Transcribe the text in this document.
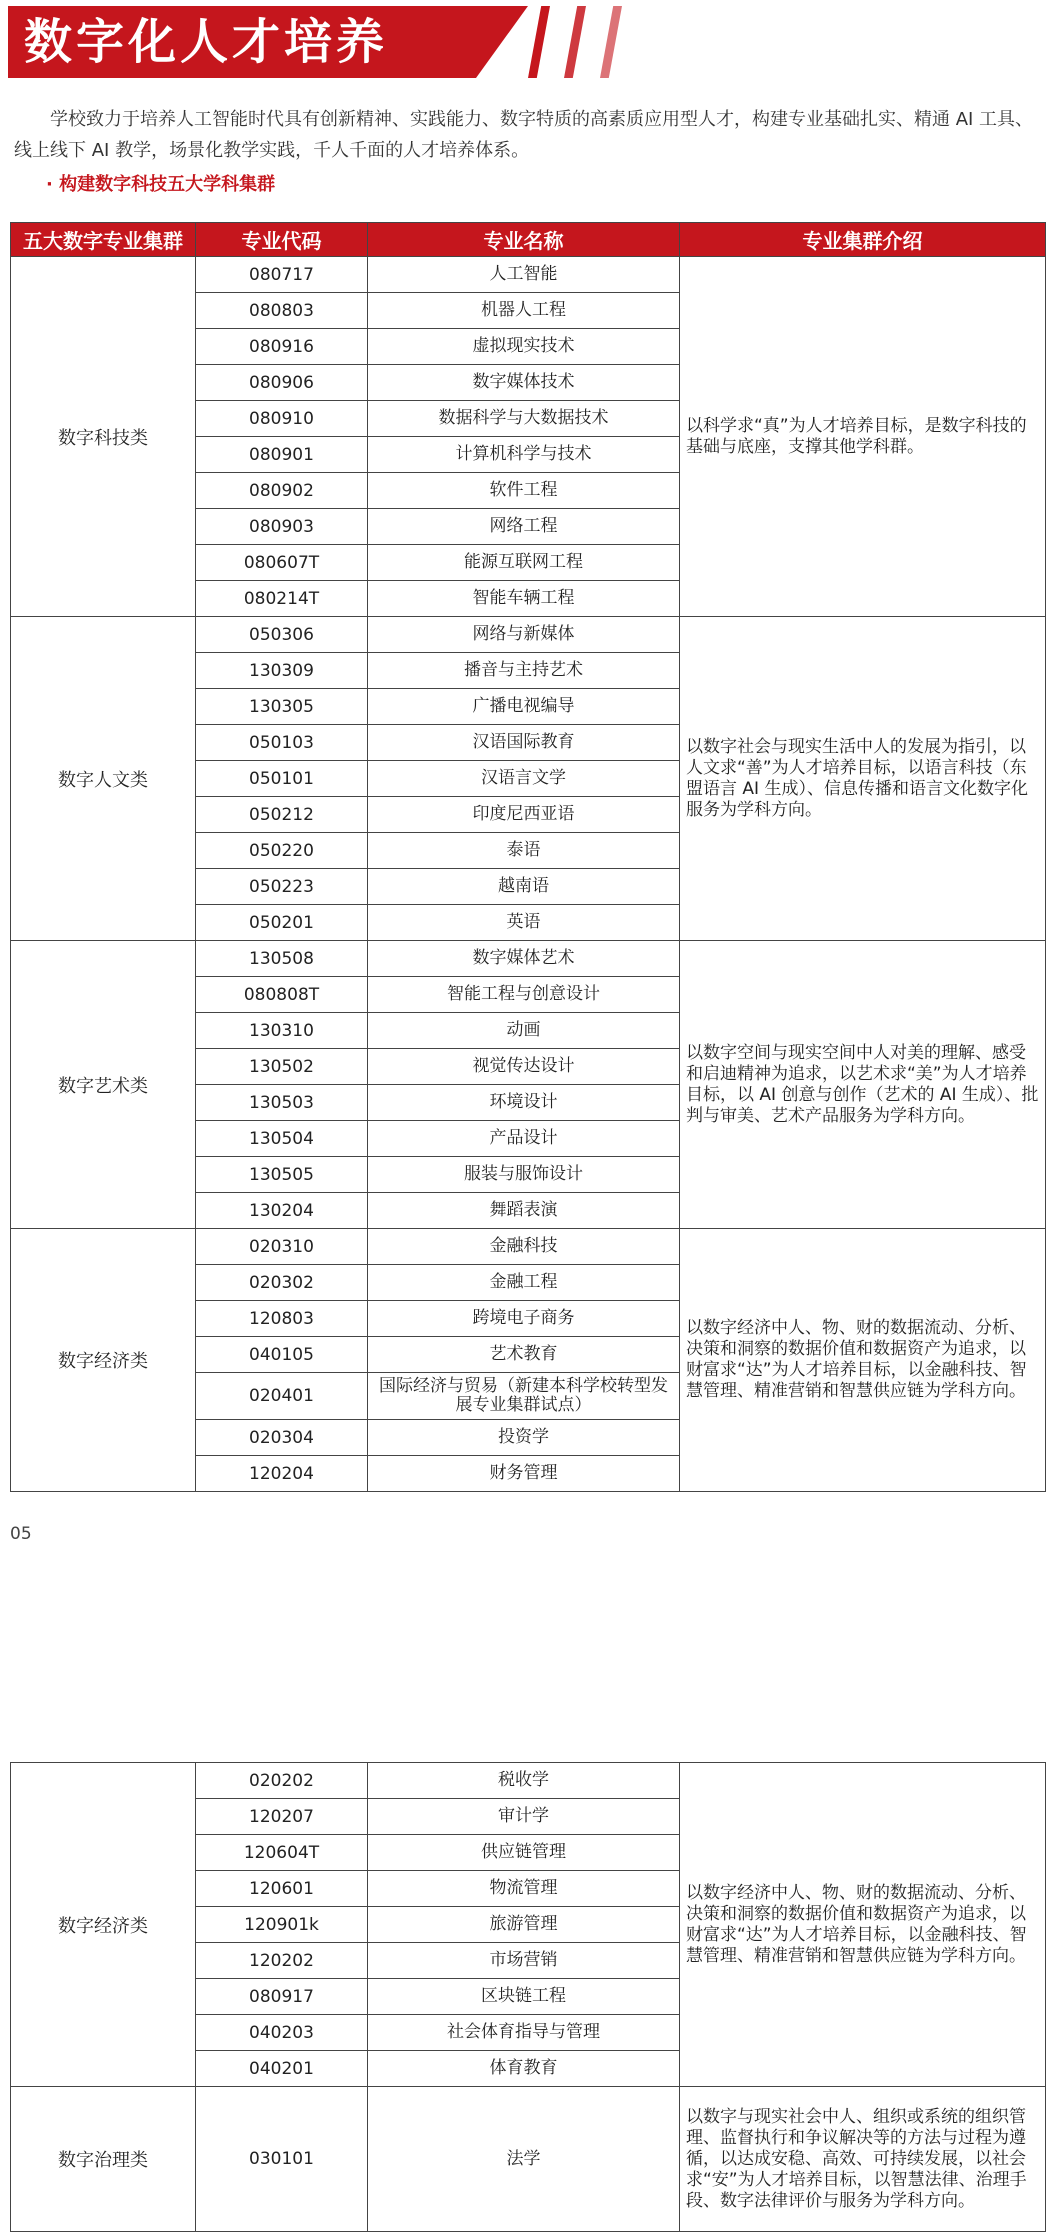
数字化人才培养
学校致力于培养人工智能时代具有创新精神、实践能力、数字特质的高素质应用型人才，构建专业基础扎实、精通 AI 工具、线上线下 AI 教学，场景化教学实践，千人千面的人才培养体系。
· 构建数字科技五大学科集群
五大数字专业集群	专业代码	专业名称	专业集群介绍
数字科技类	080717	人工智能	以科学求“真”为人才培养目标，是数字科技的基础与底座，支撑其他学科群。
	080803	机器人工程	
	080916	虚拟现实技术	
	080906	数字媒体技术	
	080910	数据科学与大数据技术	
	080901	计算机科学与技术	
	080902	软件工程	
	080903	网络工程	
	080607T	能源互联网工程	
	080214T	智能车辆工程	
数字人文类	050306	网络与新媒体	以数字社会与现实生活中人的发展为指引，以人文求“善”为人才培养目标，以语言科技（东盟语言 AI 生成）、信息传播和语言文化数字化服务为学科方向。
	130309	播音与主持艺术	
	130305	广播电视编导	
	050103	汉语国际教育	
	050101	汉语言文学	
	050212	印度尼西亚语	
	050220	泰语	
	050223	越南语	
	050201	英语	
数字艺术类	130508	数字媒体艺术	以数字空间与现实空间中人对美的理解、感受和启迪精神为追求，以艺术求“美”为人才培养目标，以 AI 创意与创作（艺术的 AI 生成）、批判与审美、艺术产品服务为学科方向。
	080808T	智能工程与创意设计	
	130310	动画	
	130502	视觉传达设计	
	130503	环境设计	
	130504	产品设计	
	130505	服装与服饰设计	
	130204	舞蹈表演	
数字经济类	020310	金融科技	以数字经济中人、物、财的数据流动、分析、决策和洞察的数据价值和数据资产为追求，以财富求“达”为人才培养目标，以金融科技、智慧管理、精准营销和智慧供应链为学科方向。
	020302	金融工程	
	120803	跨境电子商务	
	040105	艺术教育	
	020401	国际经济与贸易（新建本科学校转型发展专业集群试点）	
	020304	投资学	
	120204	财务管理	
05
数字经济类	020202	税收学	以数字经济中人、物、财的数据流动、分析、决策和洞察的数据价值和数据资产为追求，以财富求“达”为人才培养目标，以金融科技、智慧管理、精准营销和智慧供应链为学科方向。
	120207	审计学	
	120604T	供应链管理	
	120601	物流管理	
	120901k	旅游管理	
	120202	市场营销	
	080917	区块链工程	
	040203	社会体育指导与管理	
	040201	体育教育	
数字治理类	030101	法学	以数字与现实社会中人、组织或系统的组织管理、监督执行和争议解决等的方法与过程为遵循，以达成安稳、高效、可持续发展，以社会求“安”为人才培养目标，以智慧法律、治理手段、数字法律评价与服务为学科方向。
